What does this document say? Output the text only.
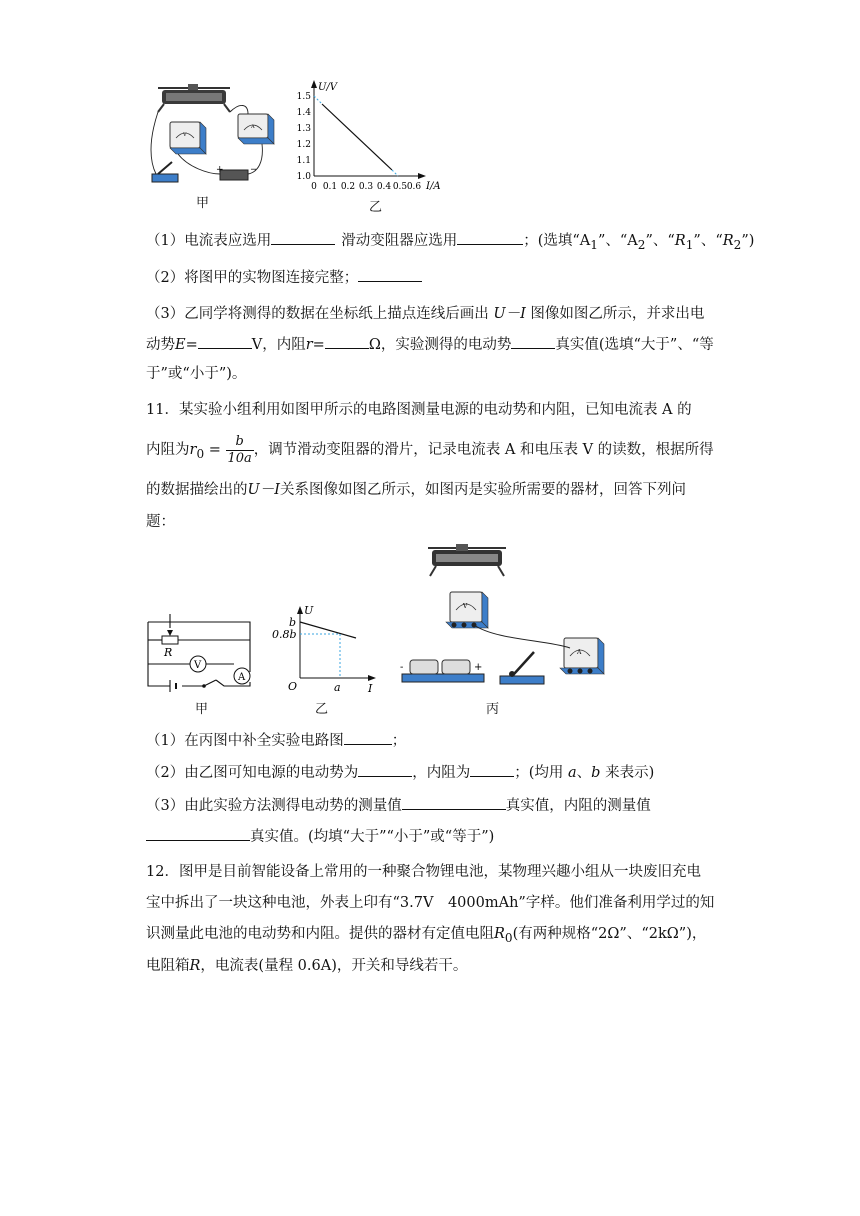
V
A
+	−
甲
U/V
1.5
1.4
1.3
1.2
1.1
1.0
0 0.1 0.2 0.3 0.4 0.5 0.6 I/A
乙
（1）电流表应选用	滑动变阻器应选用	；(选填“$A_1$”、“$A_2$”、“$R_1$”、“$R_2$”)
（2）将图甲的实物图连接完整；
（3）乙同学将测得的数据在坐标纸上描点连线后画出 U－I 图像如图乙所示，并求出电
动势E=	V，内阻r=	Ω，实验测得的电动势	真实值(选填“大于”、“等
于”或“小于”)。
11．某实验小组利用如图甲所示的电路图测量电源的电动势和内阻，已知电流表 A 的
内阻为$r_0 = \frac{b}{10a}$ ，调节滑动变阻器的滑片，记录电流表 A 和电压表 V 的读数，根据所得
的数据描绘出的U－I关系图像如图乙所示，如图丙是实验所需要的器材，回答下列问
题：
V
A
R
甲
U
I
O
b
0.8b
a
乙
V
A
-	+
丙
（1）在丙图中补全实验电路图	；
（2）由乙图可知电源的电动势为	，内阻为	；(均用 a、b 来表示)
（3）由此实验方法测得电动势的测量值	真实值，内阻的测量值
真实值。(均填“大于”“小于”或“等于”)
12．图甲是目前智能设备上常用的一种聚合物锂电池，某物理兴趣小组从一块废旧充电
宝中拆出了一块这种电池，外表上印有“3.7V　4000mAh”字样。他们准备利用学过的知
识测量此电池的电动势和内阻。提供的器材有定值电阻$R_0$(有两种规格“2Ω”、“2kΩ”)，
电阻箱R，电流表(量程 0.6A)，开关和导线若干。
